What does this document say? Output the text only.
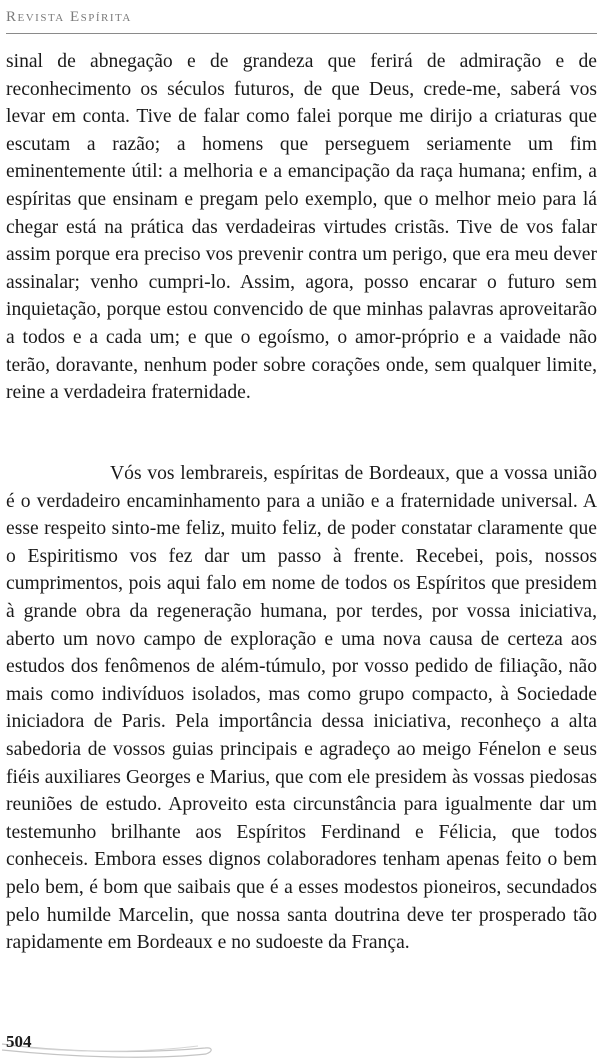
Revista Espírita

sinal de abnegação e de grandeza que ferirá de admiração e de reconhecimento os séculos futuros, de que Deus, crede-me, saberá vos levar em conta. Tive de falar como falei porque me dirijo a criaturas que escutam a razão; a homens que perseguem seriamente um fim eminentemente útil: a melhoria e a emancipação da raça humana; enfim, a espíritas que ensinam e pregam pelo exemplo, que o melhor meio para lá chegar está na prática das verdadeiras virtudes cristãs. Tive de vos falar assim porque era preciso vos prevenir contra um perigo, que era meu dever assinalar; venho cumpri-lo. Assim, agora, posso encarar o futuro sem inquietação, porque estou convencido de que minhas palavras aproveitarão a todos e a cada um; e que o egoísmo, o amor-próprio e a vaidade não terão, doravante, nenhum poder sobre corações onde, sem qualquer limite, reine a verdadeira fraternidade.

Vós vos lembrareis, espíritas de Bordeaux, que a vossa união é o verdadeiro encaminhamento para a união e a fraternidade universal. A esse respeito sinto-me feliz, muito feliz, de poder constatar claramente que o Espiritismo vos fez dar um passo à frente. Recebei, pois, nossos cumprimentos, pois aqui falo em nome de todos os Espíritos que presidem à grande obra da regeneração humana, por terdes, por vossa iniciativa, aberto um novo campo de exploração e uma nova causa de certeza aos estudos dos fenômenos de além-túmulo, por vosso pedido de filiação, não mais como indivíduos isolados, mas como grupo compacto, à Sociedade iniciadora de Paris. Pela importância dessa iniciativa, reconheço a alta sabedoria de vossos guias principais e agradeço ao meigo Fénelon e seus fiéis auxiliares Georges e Marius, que com ele presidem às vossas piedosas reuniões de estudo. Aproveito esta circunstância para igualmente dar um testemunho brilhante aos Espíritos Ferdinand e Félicia, que todos conheceis. Embora esses dignos colaboradores tenham apenas feito o bem pelo bem, é bom que saibais que é a esses modestos pioneiros, secundados pelo humilde Marcelin, que nossa santa doutrina deve ter prosperado tão rapidamente em Bordeaux e no sudoeste da França.

504
